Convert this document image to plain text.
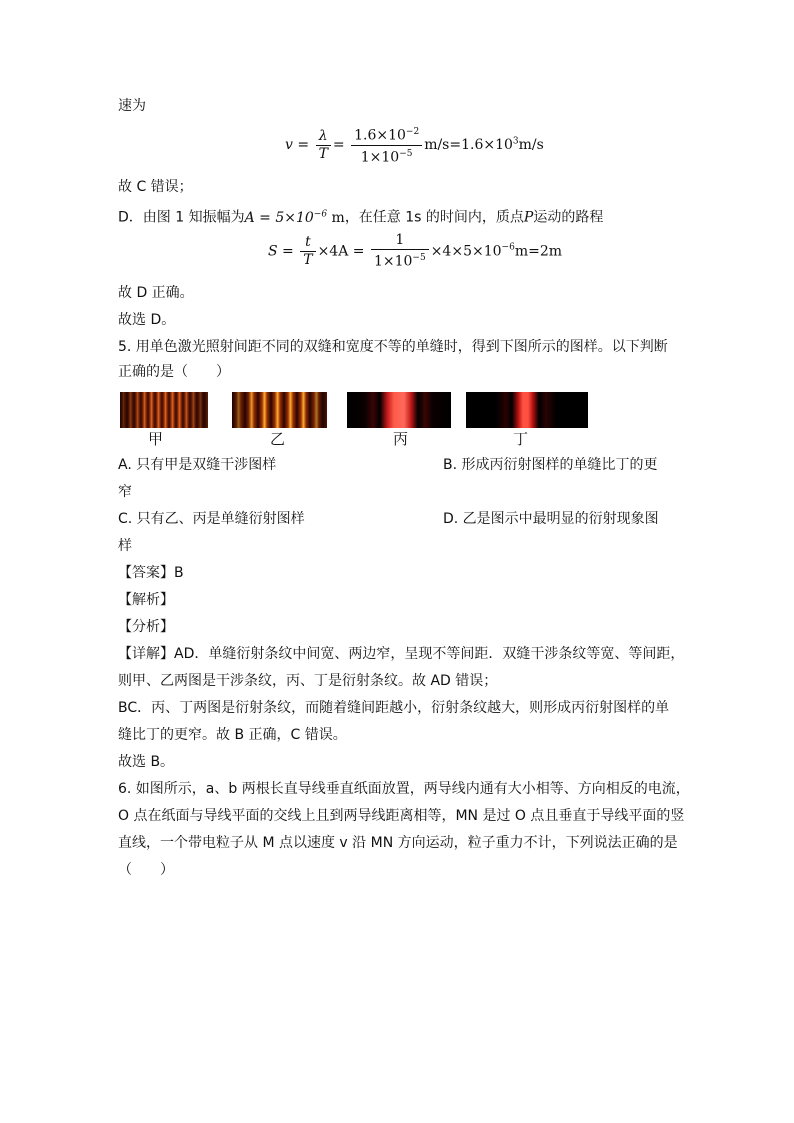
速为
$v = \frac{\lambda}{T} = \frac{1.6\times 10^{-2}}{1\times 10^{-5}} m/s=1.6\times 10^3m/s$
故 C 错误；
D．由图 1 知振幅为$A = 5\times 10^{-6}$ m，在任意 1s 的时间内，质点P运动的路程
$S = \frac{t}{T} \times 4A = \frac{1}{1\times 10^{-5}} \times 4\times 5\times 10^{-6}m=2m$
故 D 正确。
故选 D。
5. 用单色激光照射间距不同的双缝和宽度不等的单缝时，得到下图所示的图样。以下判断
正确的是（　　）
甲	乙	丙	丁
A. 只有甲是双缝干涉图样	B. 形成丙衍射图样的单缝比丁的更
窄
C. 只有乙、丙是单缝衍射图样	D. 乙是图示中最明显的衍射现象图
样
【答案】B
【解析】
【分析】
【详解】AD．单缝衍射条纹中间宽、两边窄，呈现不等间距．双缝干涉条纹等宽、等间距，
则甲、乙两图是干涉条纹，丙、丁是衍射条纹。故 AD 错误；
BC．丙、丁两图是衍射条纹，而随着缝间距越小，衍射条纹越大，则形成丙衍射图样的单
缝比丁的更窄。故 B 正确，C 错误。
故选 B。
6. 如图所示，a、b 两根长直导线垂直纸面放置，两导线内通有大小相等、方向相反的电流，
O 点在纸面与导线平面的交线上且到两导线距离相等，MN 是过 O 点且垂直于导线平面的竖
直线，一个带电粒子从 M 点以速度 v 沿 MN 方向运动，粒子重力不计，下列说法正确的是
（　　）
